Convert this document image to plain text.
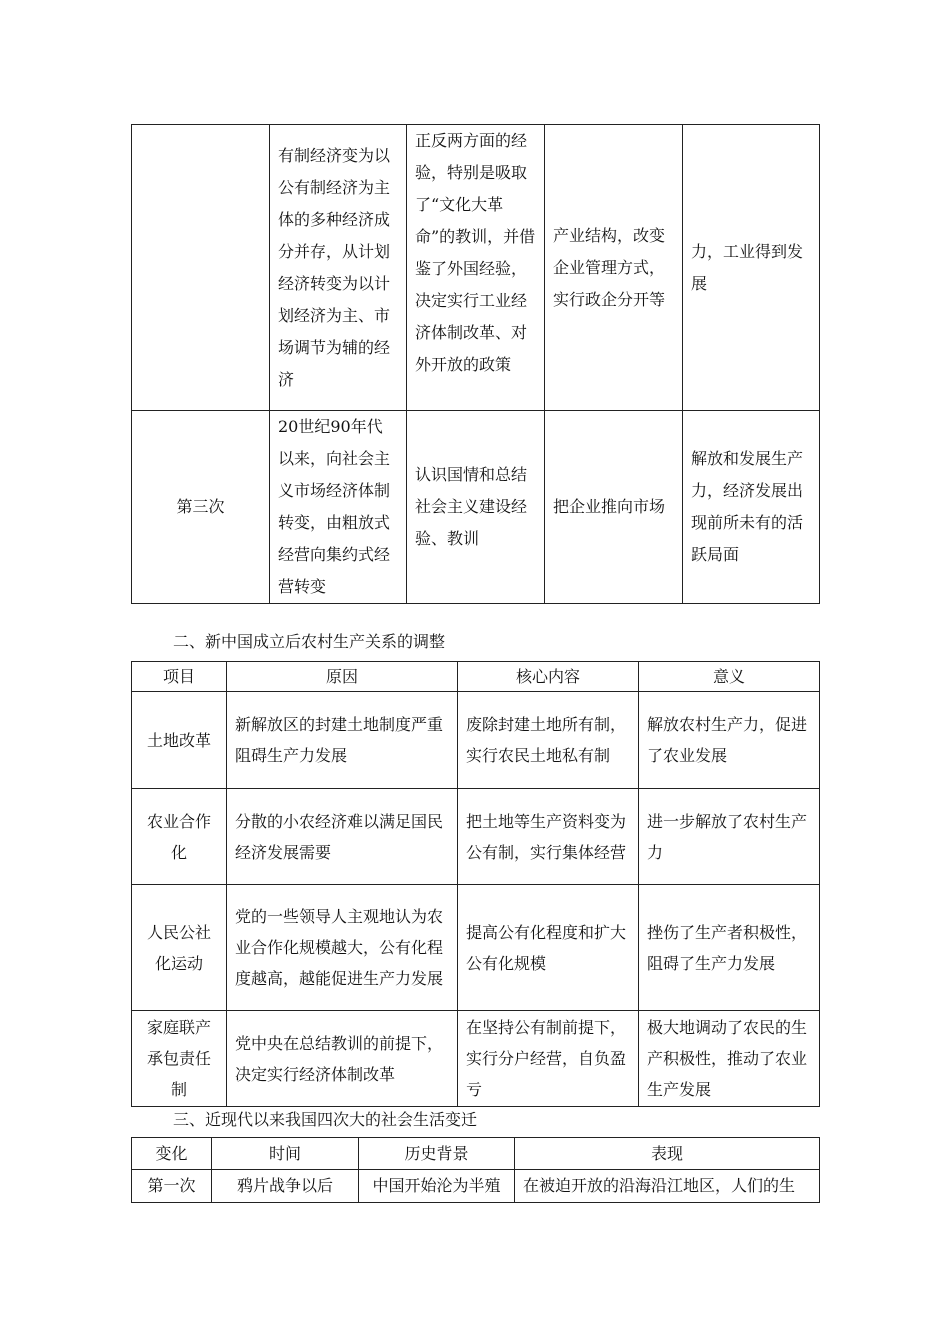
	有制经济变为以公有制经济为主体的多种经济成分并存，从计划经济转变为以计划经济为主、市场调节为辅的经济	正反两方面的经验，特别是吸取了“文化大革命”的教训，并借鉴了外国经验，决定实行工业经济体制改革、对外开放的政策	产业结构，改变企业管理方式，实行政企分开等	力，工业得到发展
第三次	20世纪90年代以来，向社会主义市场经济体制转变，由粗放式经营向集约式经营转变	认识国情和总结社会主义建设经验、教训	把企业推向市场	解放和发展生产力，经济发展出现前所未有的活跃局面
二、新中国成立后农村生产关系的调整
项目	原因	核心内容	意义
土地改革	新解放区的封建土地制度严重阻碍生产力发展	废除封建土地所有制，实行农民土地私有制	解放农村生产力，促进了农业发展
农业合作化	分散的小农经济难以满足国民经济发展需要	把土地等生产资料变为公有制，实行集体经营	进一步解放了农村生产力
人民公社化运动	党的一些领导人主观地认为农业合作化规模越大，公有化程度越高，越能促进生产力发展	提高公有化程度和扩大公有化规模	挫伤了生产者积极性，阻碍了生产力发展
家庭联产承包责任制	党中央在总结教训的前提下，决定实行经济体制改革	在坚持公有制前提下，实行分户经营，自负盈亏	极大地调动了农民的生产积极性，推动了农业生产发展
三、近现代以来我国四次大的社会生活变迁
变化	时间	历史背景	表现
第一次	鸦片战争以后	中国开始沦为半殖	在被迫开放的沿海沿江地区，人们的生
